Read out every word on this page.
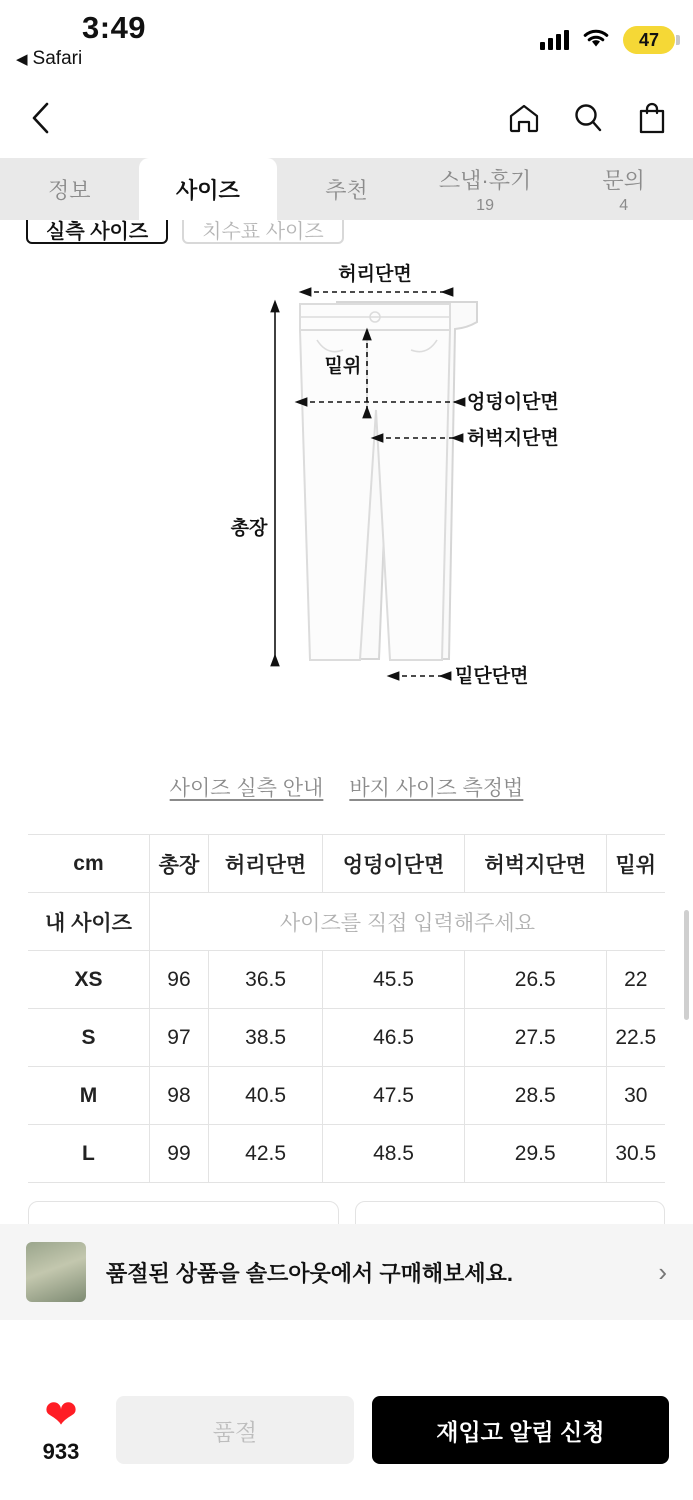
3:49
◀ Safari
47
정보	사이즈	추천	스냅·후기
19
문의
4
실측 사이즈	치수표 사이즈
허리단면
밑위
엉덩이단면
허벅지단면
총장
밑단단면
사이즈 실측 안내 바지 사이즈 측정법
cm	총장	허리단면	엉덩이단면	허벅지단면	밑위
내 사이즈	사이즈를 직접 입력해주세요				
XS	96	36.5	45.5	26.5	22
S	97	38.5	46.5	27.5	22.5
M	98	40.5	47.5	28.5	30
L	99	42.5	48.5	29.5	30.5
품절된 상품을 솔드아웃에서 구매해보세요.	›
❤
933
품절	재입고 알림 신청
